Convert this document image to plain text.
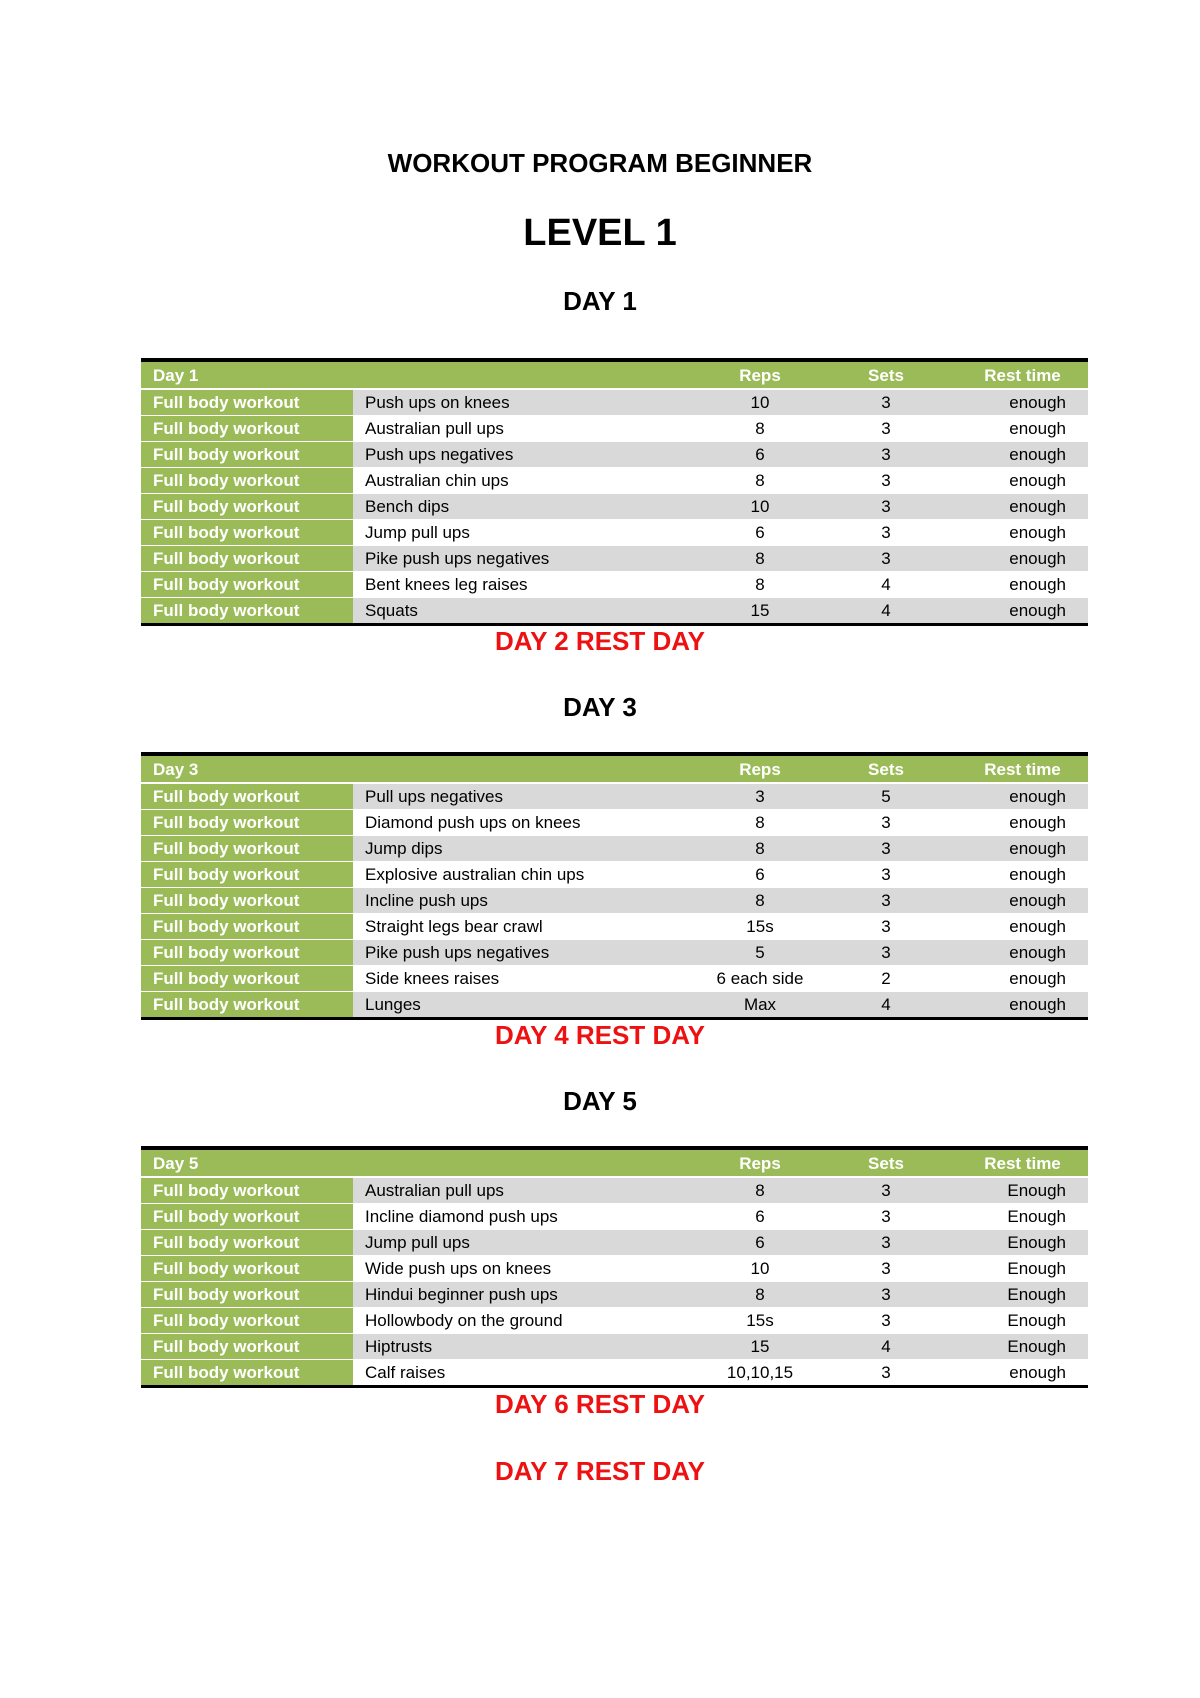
WORKOUT PROGRAM BEGINNER
LEVEL 1
DAY 1
Day 1		Reps	Sets	Rest time
Full body workout	Push ups on knees	10	3	enough
Full body workout	Australian pull ups	8	3	enough
Full body workout	Push ups negatives	6	3	enough
Full body workout	Australian chin ups	8	3	enough
Full body workout	Bench dips	10	3	enough
Full body workout	Jump pull ups	6	3	enough
Full body workout	Pike push ups negatives	8	3	enough
Full body workout	Bent knees leg raises	8	4	enough
Full body workout	Squats	15	4	enough
DAY 2 REST DAY
DAY 3
Day 3		Reps	Sets	Rest time
Full body workout	Pull ups negatives	3	5	enough
Full body workout	Diamond push ups on knees	8	3	enough
Full body workout	Jump dips	8	3	enough
Full body workout	Explosive australian chin ups	6	3	enough
Full body workout	Incline push ups	8	3	enough
Full body workout	Straight legs bear crawl	15s	3	enough
Full body workout	Pike push ups negatives	5	3	enough
Full body workout	Side knees raises	6 each side	2	enough
Full body workout	Lunges	Max	4	enough
DAY 4 REST DAY
DAY 5
Day 5		Reps	Sets	Rest time
Full body workout	Australian pull ups	8	3	Enough
Full body workout	Incline diamond push ups	6	3	Enough
Full body workout	Jump pull ups	6	3	Enough
Full body workout	Wide push ups on knees	10	3	Enough
Full body workout	Hindui beginner push ups	8	3	Enough
Full body workout	Hollowbody on the ground	15s	3	Enough
Full body workout	Hiptrusts	15	4	Enough
Full body workout	Calf raises	10,10,15	3	enough
DAY 6 REST DAY
DAY 7 REST DAY
